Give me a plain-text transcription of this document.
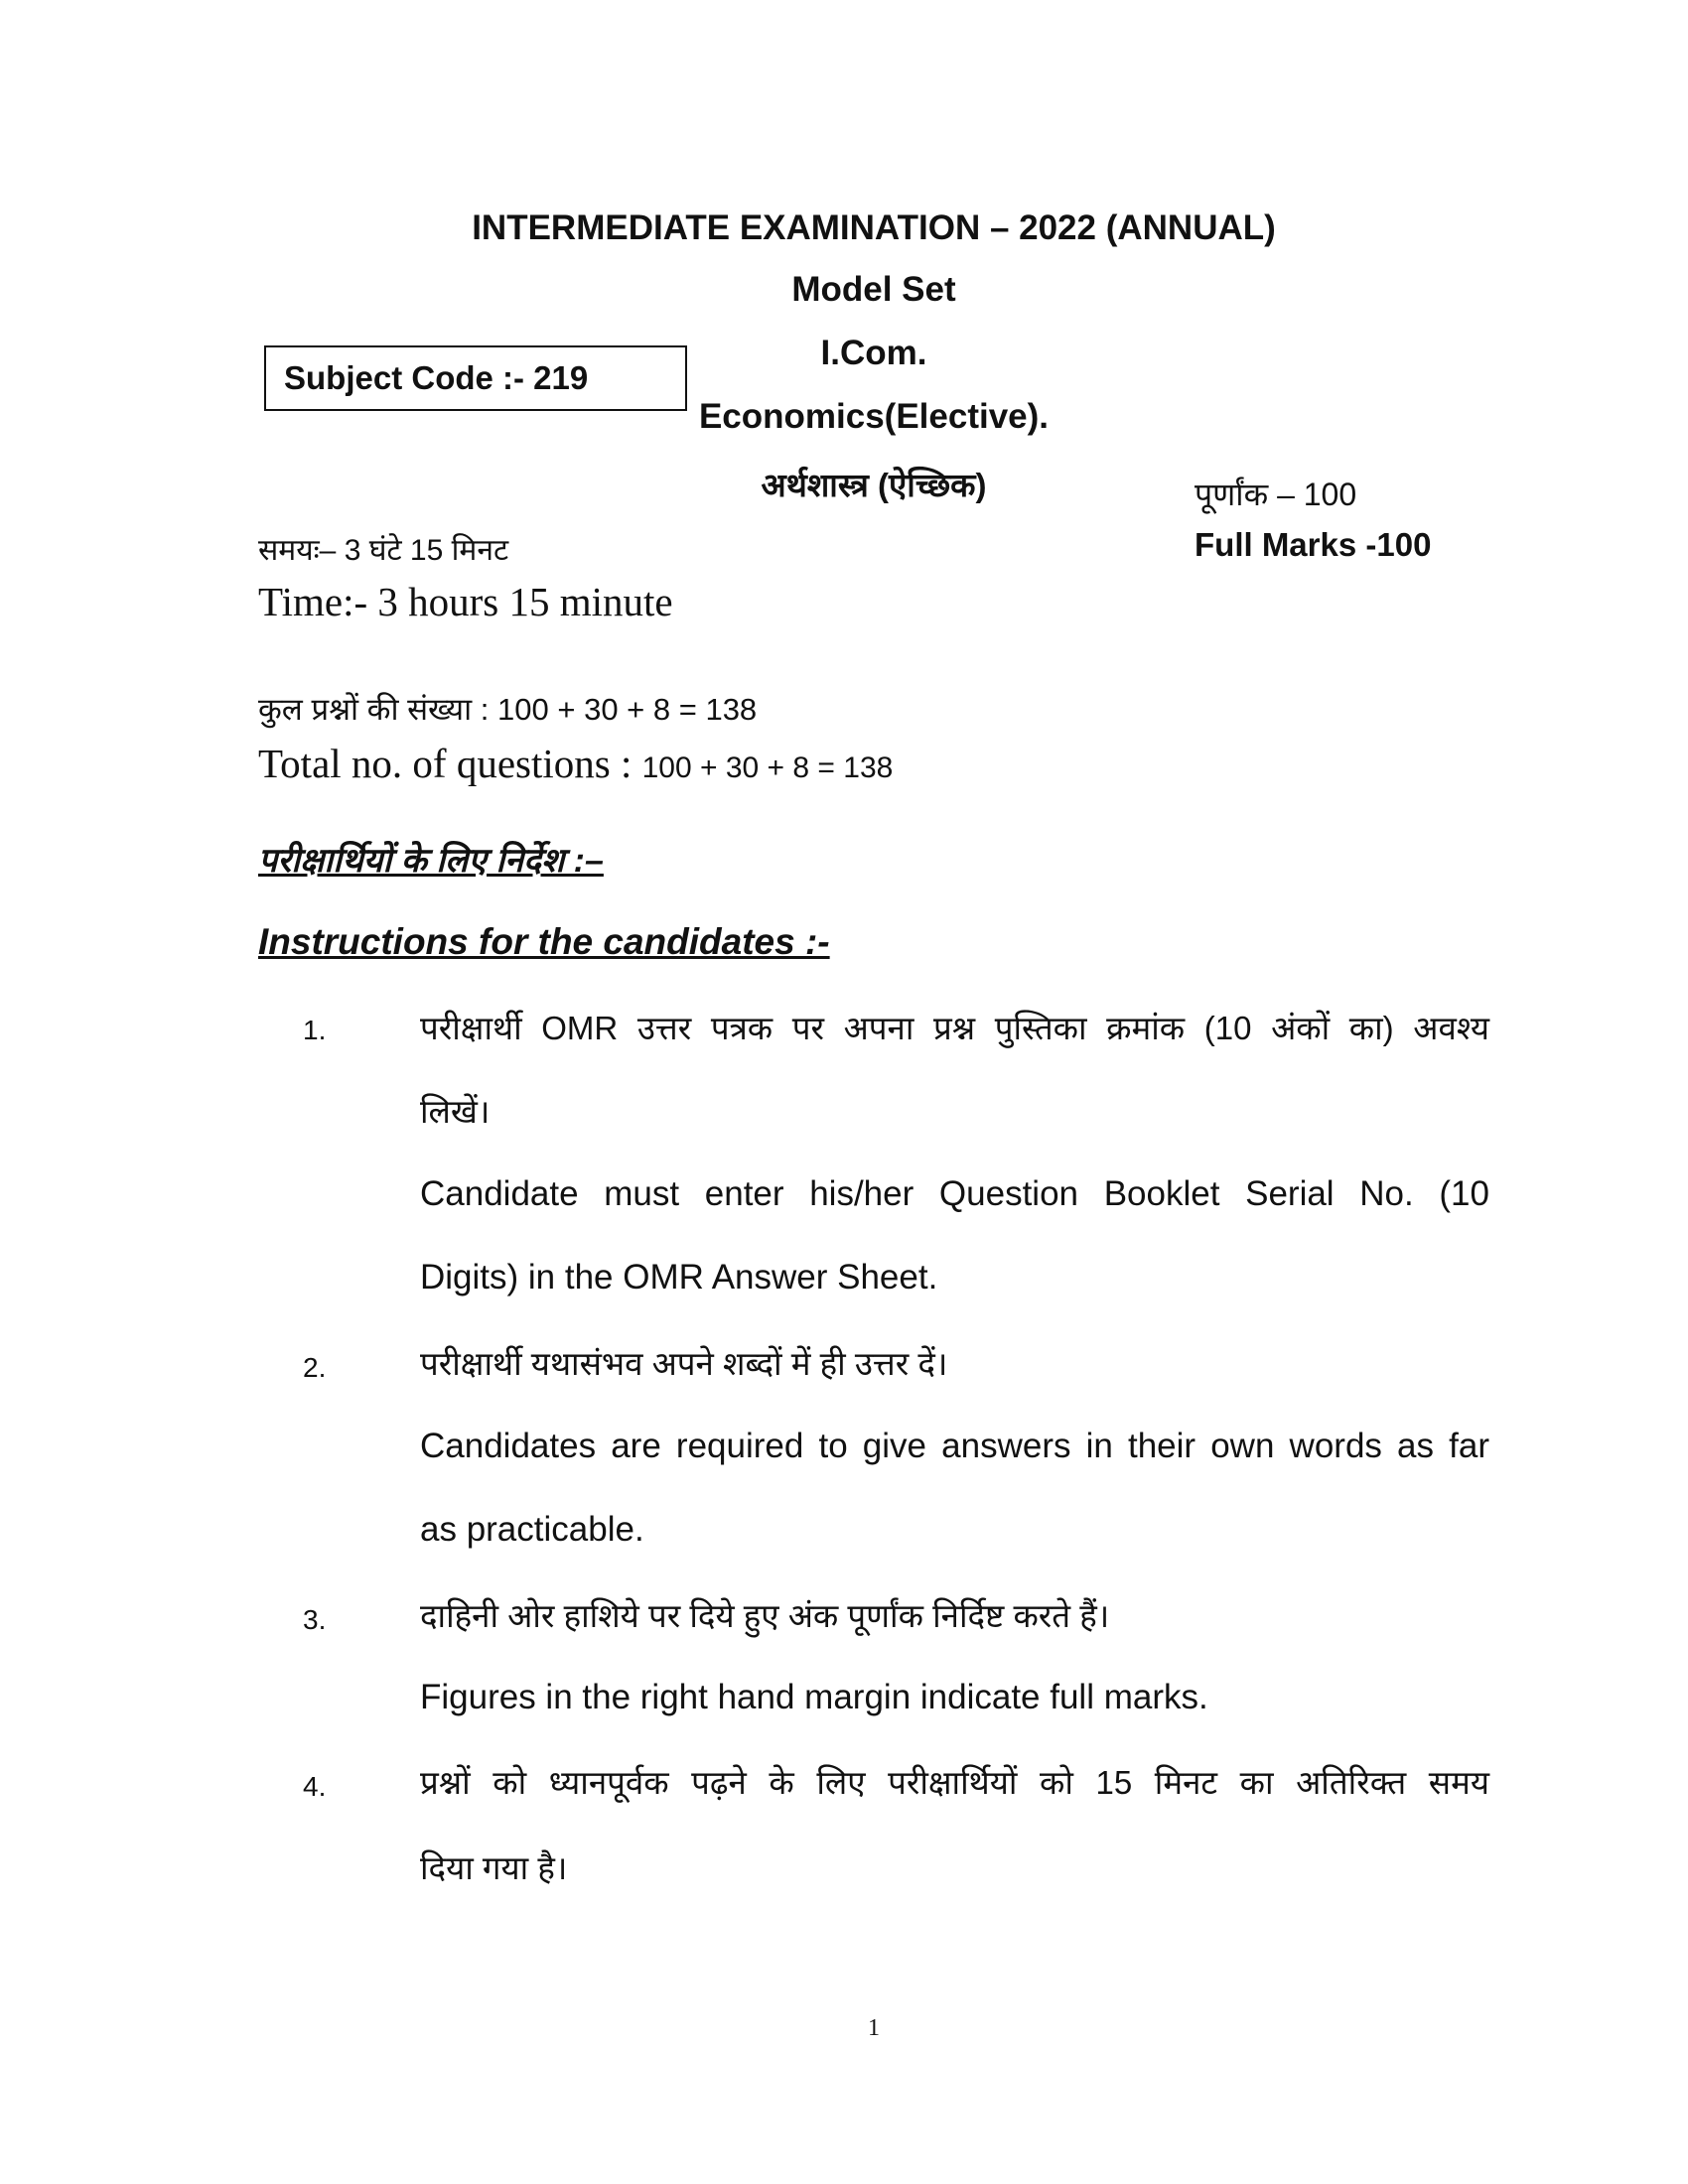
INTERMEDIATE EXAMINATION – 2022 (ANNUAL)
Model Set
I.Com.
Economics(Elective).
अर्थशास्त्र (ऐच्छिक)
Subject Code :- 219
पूर्णांक – 100
Full Marks -100
समयः– 3 घंटे 15 मिनट
Time:- 3 hours 15 minute
कुल प्रश्नों की संख्या : 100 + 30 + 8 = 138
Total no. of questions : 100 + 30 + 8 = 138
परीक्षार्थियों के लिए निर्देश :–
Instructions for the candidates :-
1.	परीक्षार्थी OMR उत्तर पत्रक पर अपना प्रश्न पुस्तिका क्रमांक (10 अंकों का) अवश्य
लिखें।
Candidate must enter his/her Question Booklet Serial No. (10
Digits) in the OMR Answer Sheet.
2.	परीक्षार्थी यथासंभव अपने शब्दों में ही उत्तर दें।
Candidates are required to give answers in their own words as far
as practicable.
3.	दाहिनी ओर हाशिये पर दिये हुए अंक पूर्णांक निर्दिष्ट करते हैं।
Figures in the right hand margin indicate full marks.
4.	प्रश्नों को ध्यानपूर्वक पढ़ने के लिए परीक्षार्थियों को 15 मिनट का अतिरिक्त समय
दिया गया है।
1
